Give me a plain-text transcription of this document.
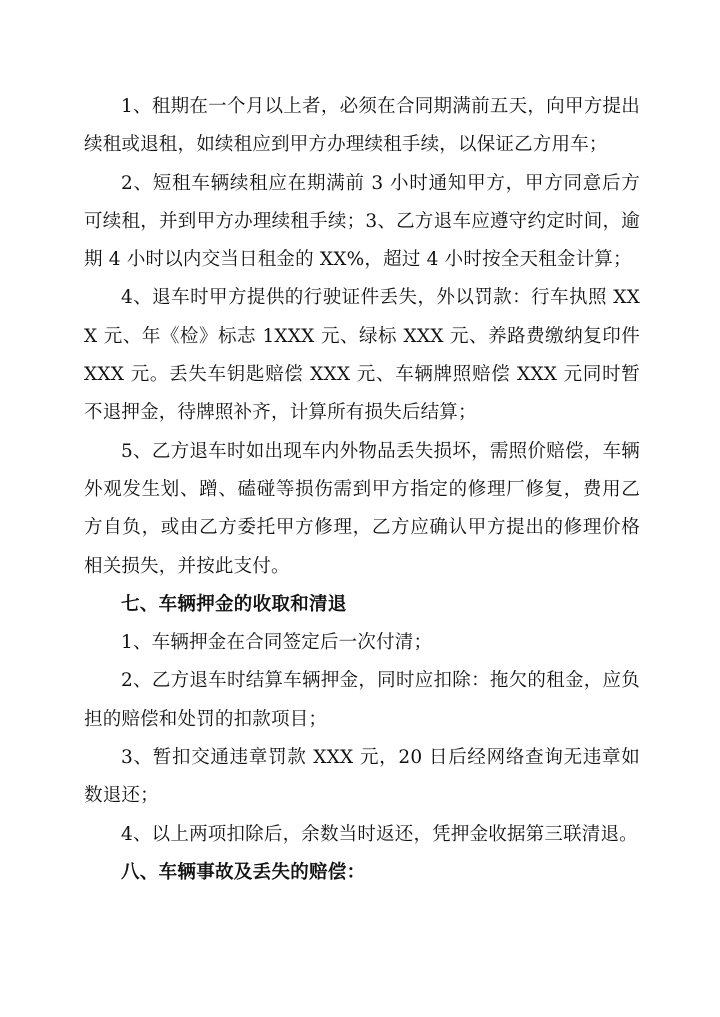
1、租期在一个月以上者，必须在合同期满前五天，向甲方提出续租或退租，如续租应到甲方办理续租手续，以保证乙方用车；

2、短租车辆续租应在期满前 3 小时通知甲方，甲方同意后方可续租，并到甲方办理续租手续；3、乙方退车应遵守约定时间，逾期 4 小时以内交当日租金的 XX%，超过 4 小时按全天租金计算；

4、退车时甲方提供的行驶证件丢失，外以罚款：行车执照 XXX 元、年《检》标志 1XXX 元、绿标 XXX 元、养路费缴纳复印件 XXX 元。丢失车钥匙赔偿 XXX 元、车辆牌照赔偿 XXX 元同时暂不退押金，待牌照补齐，计算所有损失后结算；

5、乙方退车时如出现车内外物品丢失损坏，需照价赔偿，车辆外观发生划、蹭、磕碰等损伤需到甲方指定的修理厂修复，费用乙方自负，或由乙方委托甲方修理，乙方应确认甲方提出的修理价格相关损失，并按此支付。

七、车辆押金的收取和清退

1、车辆押金在合同签定后一次付清；

2、乙方退车时结算车辆押金，同时应扣除：拖欠的租金，应负担的赔偿和处罚的扣款项目；

3、暂扣交通违章罚款 XXX 元，20 日后经网络查询无违章如数退还；

4、以上两项扣除后，余数当时返还，凭押金收据第三联清退。

八、车辆事故及丢失的赔偿：
